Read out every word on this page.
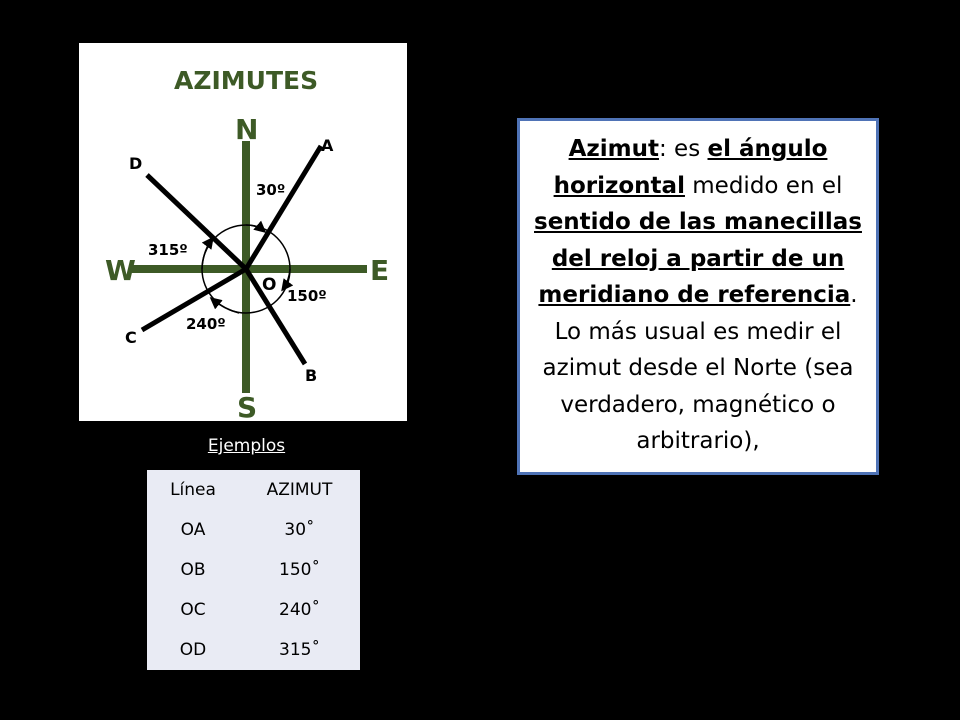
AZIMUTES
N
S
E
W	O
A
B
C
D
30º
150º
240º
315º
Ejemplos
Línea	AZIMUT
OA	30˚
OB	150˚
OC	240˚
OD	315˚
Azimut: es el ángulo horizontal medido en el sentido de las manecillas del reloj a partir de un meridiano de referencia. Lo más usual es medir el azimut desde el Norte (sea verdadero, magnético o arbitrario),
